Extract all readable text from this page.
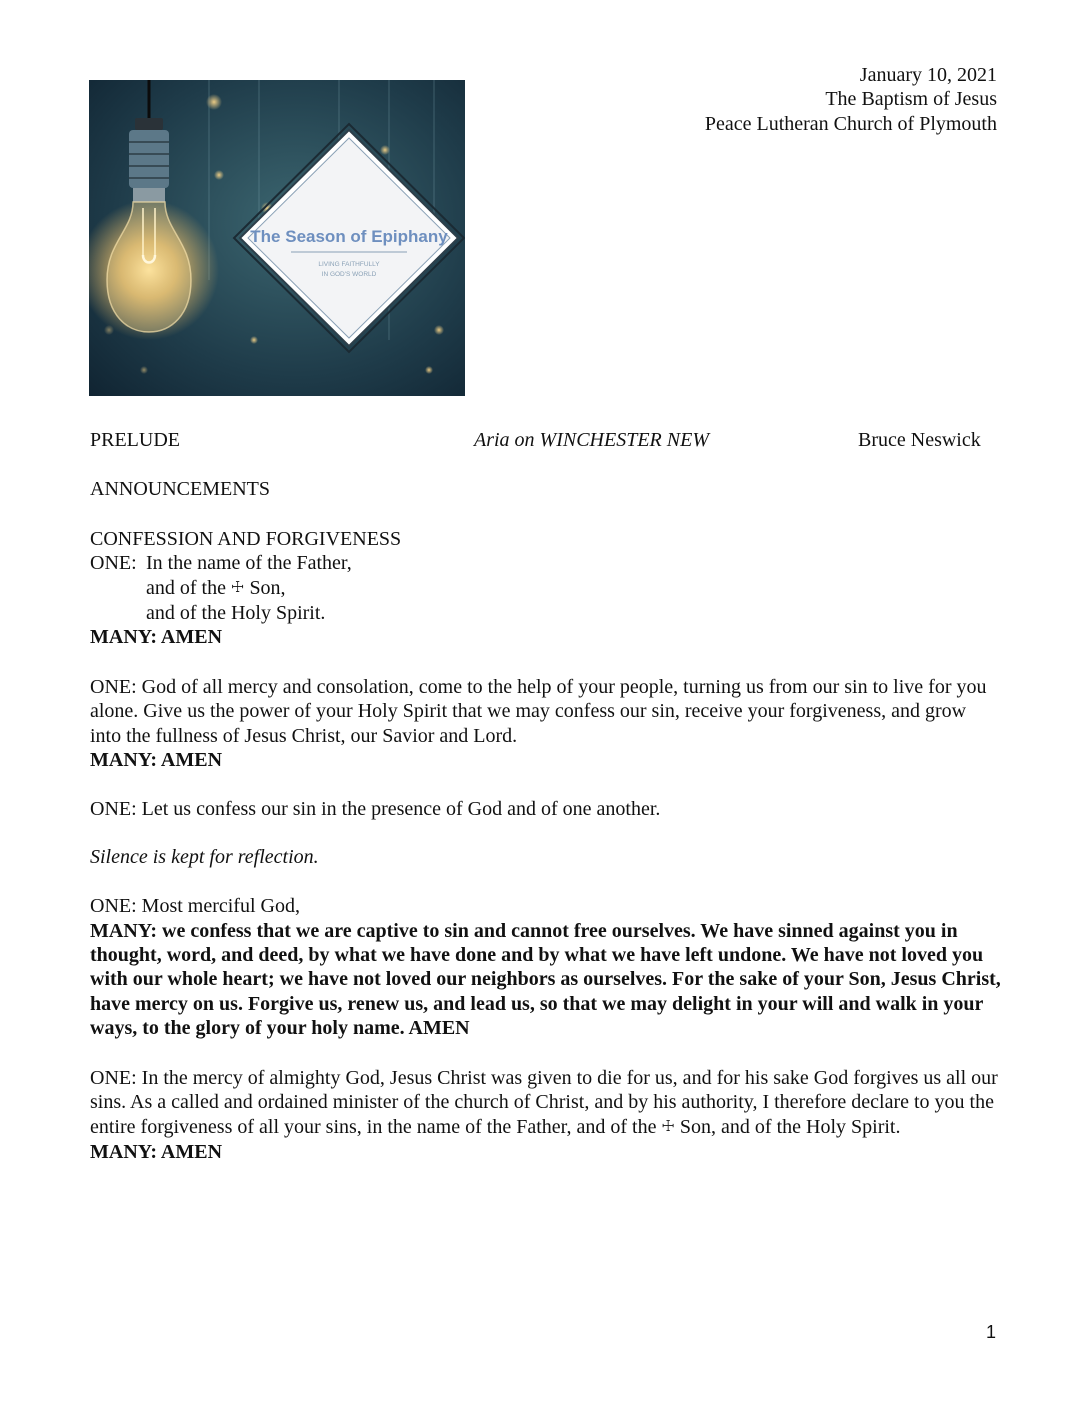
January 10, 2021
The Baptism of Jesus
Peace Lutheran Church of Plymouth
The Season of Epiphany
LIVING FAITHFULLY
IN GOD'S WORLD
PRELUDE	Aria on WINCHESTER NEW	Bruce Neswick

ANNOUNCEMENTS

CONFESSION AND FORGIVENESS

ONE: In the name of the Father,

and of the ☩ Son,

and of the Holy Spirit.

MANY: AMEN

ONE: God of all mercy and consolation, come to the help of your people, turning us from our sin to live for you alone. Give us the power of your Holy Spirit that we may confess our sin, receive your forgiveness, and grow into the fullness of Jesus Christ, our Savior and Lord.

MANY: AMEN

ONE: Let us confess our sin in the presence of God and of one another.

Silence is kept for reflection.

ONE: Most merciful God,

MANY: we confess that we are captive to sin and cannot free ourselves. We have sinned against you in thought, word, and deed, by what we have done and by what we have left undone. We have not loved you with our whole heart; we have not loved our neighbors as ourselves. For the sake of your Son, Jesus Christ, have mercy on us. Forgive us, renew us, and lead us, so that we may delight in your will and walk in your ways, to the glory of your holy name. AMEN

ONE: In the mercy of almighty God, Jesus Christ was given to die for us, and for his sake God forgives us all our sins. As a called and ordained minister of the church of Christ, and by his authority, I therefore declare to you the entire forgiveness of all your sins, in the name of the Father, and of the ☩ Son, and of the Holy Spirit.

MANY: AMEN

1
